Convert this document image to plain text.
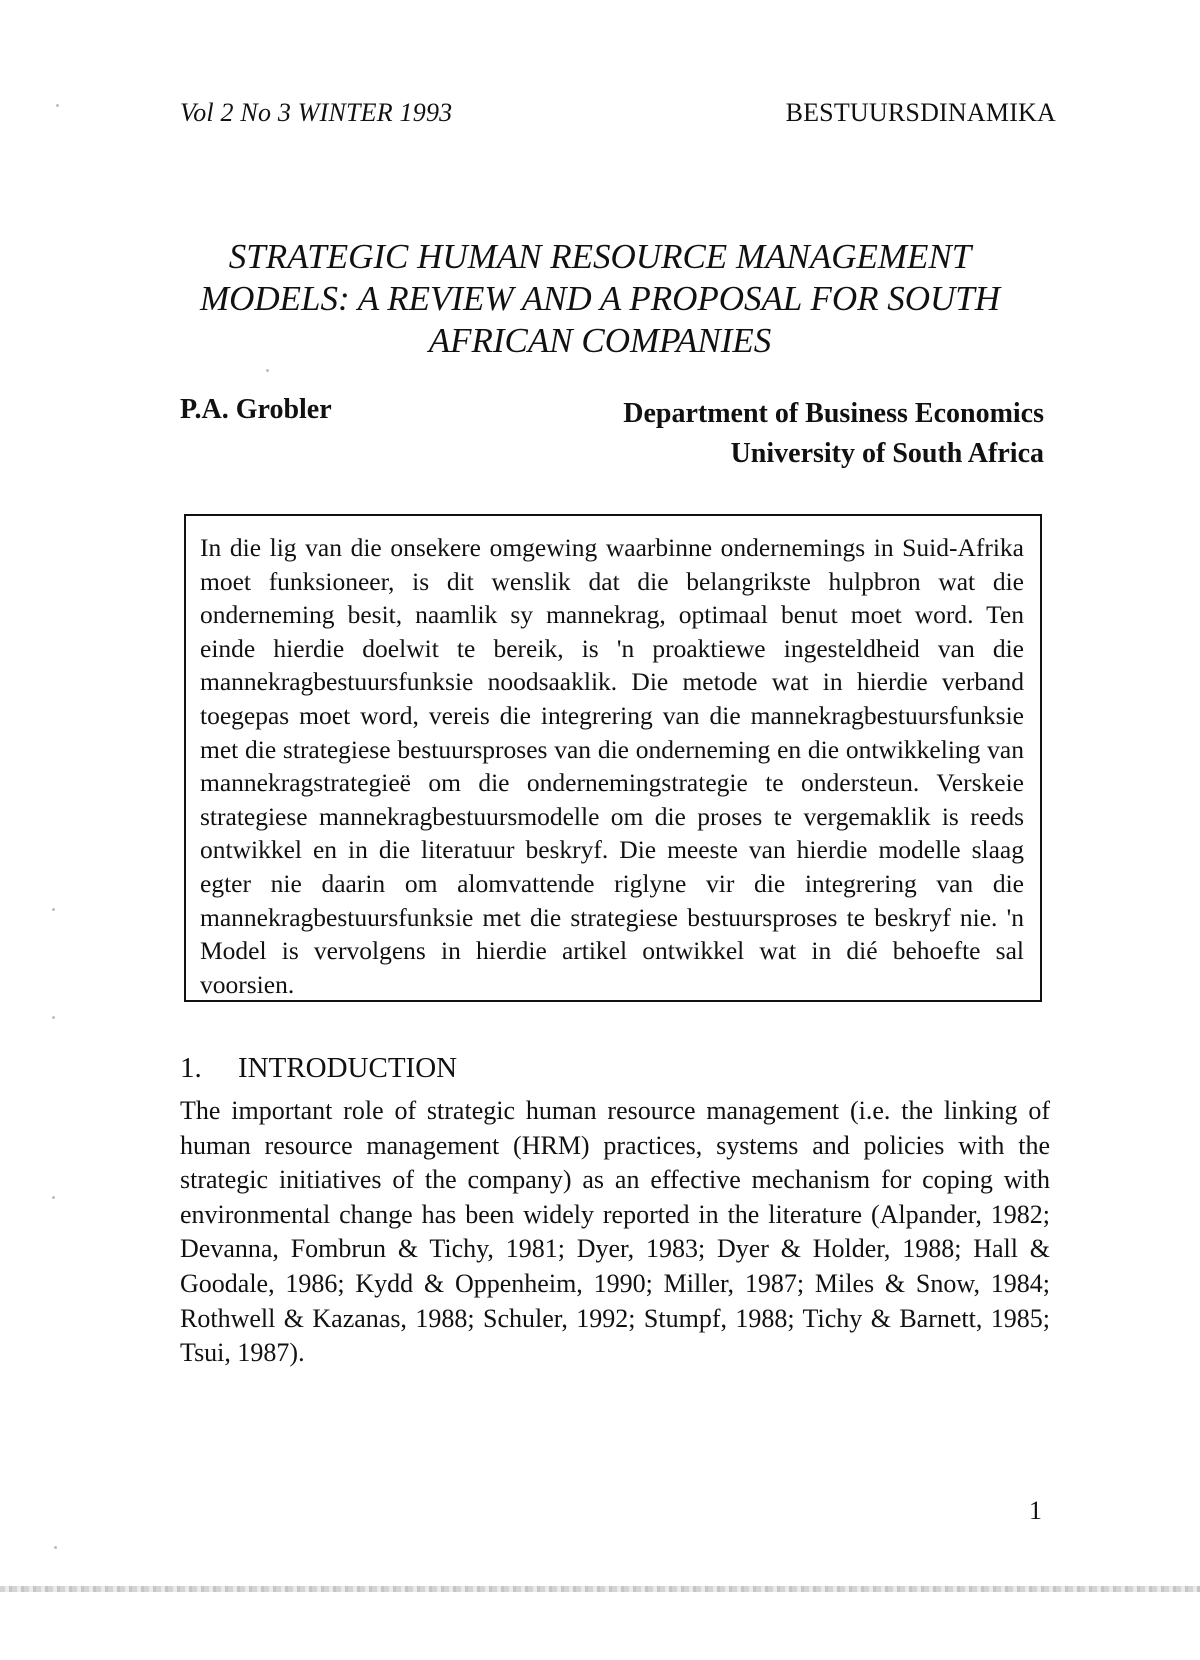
Vol 2 No 3 WINTER 1993	BESTUURSDINAMIKA
STRATEGIC HUMAN RESOURCE MANAGEMENT
MODELS: A REVIEW AND A PROPOSAL FOR SOUTH
AFRICAN COMPANIES
P.A. Grobler	Department of Business Economics
University of South Africa

In die lig van die onsekere omgewing waarbinne ondernemings in Suid-Afrika moet funksioneer, is dit wenslik dat die belangrikste hulpbron wat die onderneming besit, naamlik sy mannekrag, optimaal benut moet word. Ten einde hierdie doelwit te bereik, is 'n proaktiewe ingesteldheid van die mannekragbestuursfunksie noodsaaklik. Die metode wat in hierdie verband toegepas moet word, vereis die integrering van die mannekragbestuursfunksie met die strategiese bestuursproses van die onderneming en die ontwikkeling van mannekragstrategieë om die ondernemingstrategie te ondersteun. Verskeie strategiese mannekragbestuursmodelle om die proses te vergemaklik is reeds ontwikkel en in die literatuur beskryf. Die meeste van hierdie modelle slaag egter nie daarin om alomvattende riglyne vir die integrering van die mannekragbestuursfunksie met die strategiese bestuursproses te beskryf nie. 'n Model is vervolgens in hierdie artikel ontwikkel wat in dié behoefte sal voorsien.

1. INTRODUCTION

The important role of strategic human resource management (i.e. the linking of human resource management (HRM) practices, systems and policies with the strategic initiatives of the company) as an effective mechanism for coping with environmental change has been widely reported in the literature (Alpander, 1982; Devanna, Fombrun & Tichy, 1981; Dyer, 1983; Dyer & Holder, 1988; Hall & Goodale, 1986; Kydd & Oppenheim, 1990; Miller, 1987; Miles & Snow, 1984; Rothwell & Kazanas, 1988; Schuler, 1992; Stumpf, 1988; Tichy & Barnett, 1985; Tsui, 1987).

1
